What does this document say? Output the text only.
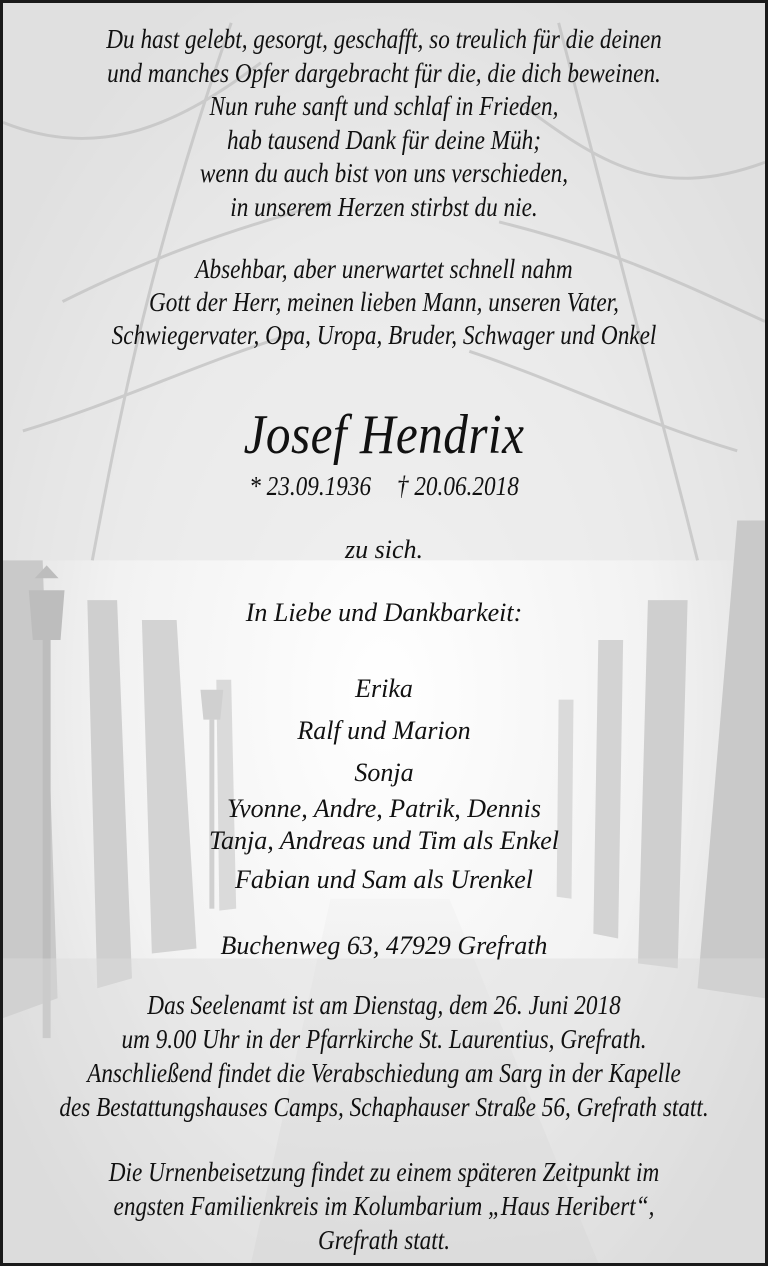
Du hast gelebt, gesorgt, geschafft, so treulich für die deinen
und manches Opfer dargebracht für die, die dich beweinen.
Nun ruhe sanft und schlaf in Frieden,
hab tausend Dank für deine Müh;
wenn du auch bist von uns verschieden,
in unserem Herzen stirbst du nie.
Absehbar, aber unerwartet schnell nahm
Gott der Herr, meinen lieben Mann, unseren Vater,
Schwiegervater, Opa, Uropa, Bruder, Schwager und Onkel
Josef Hendrix
* 23.09.1936 † 20.06.2018
zu sich.
In Liebe und Dankbarkeit:
Erika
Ralf und Marion
Sonja
Yvonne, Andre, Patrik, Dennis
Tanja, Andreas und Tim als Enkel
Fabian und Sam als Urenkel
Buchenweg 63, 47929 Grefrath
Das Seelenamt ist am Dienstag, dem 26. Juni 2018
um 9.00 Uhr in der Pfarrkirche St. Laurentius, Grefrath.
Anschließend findet die Verabschiedung am Sarg in der Kapelle
des Bestattungshauses Camps, Schaphauser Straße 56, Grefrath statt.
Die Urnenbeisetzung findet zu einem späteren Zeitpunkt im
engsten Familienkreis im Kolumbarium „Haus Heribert“,
Grefrath statt.
